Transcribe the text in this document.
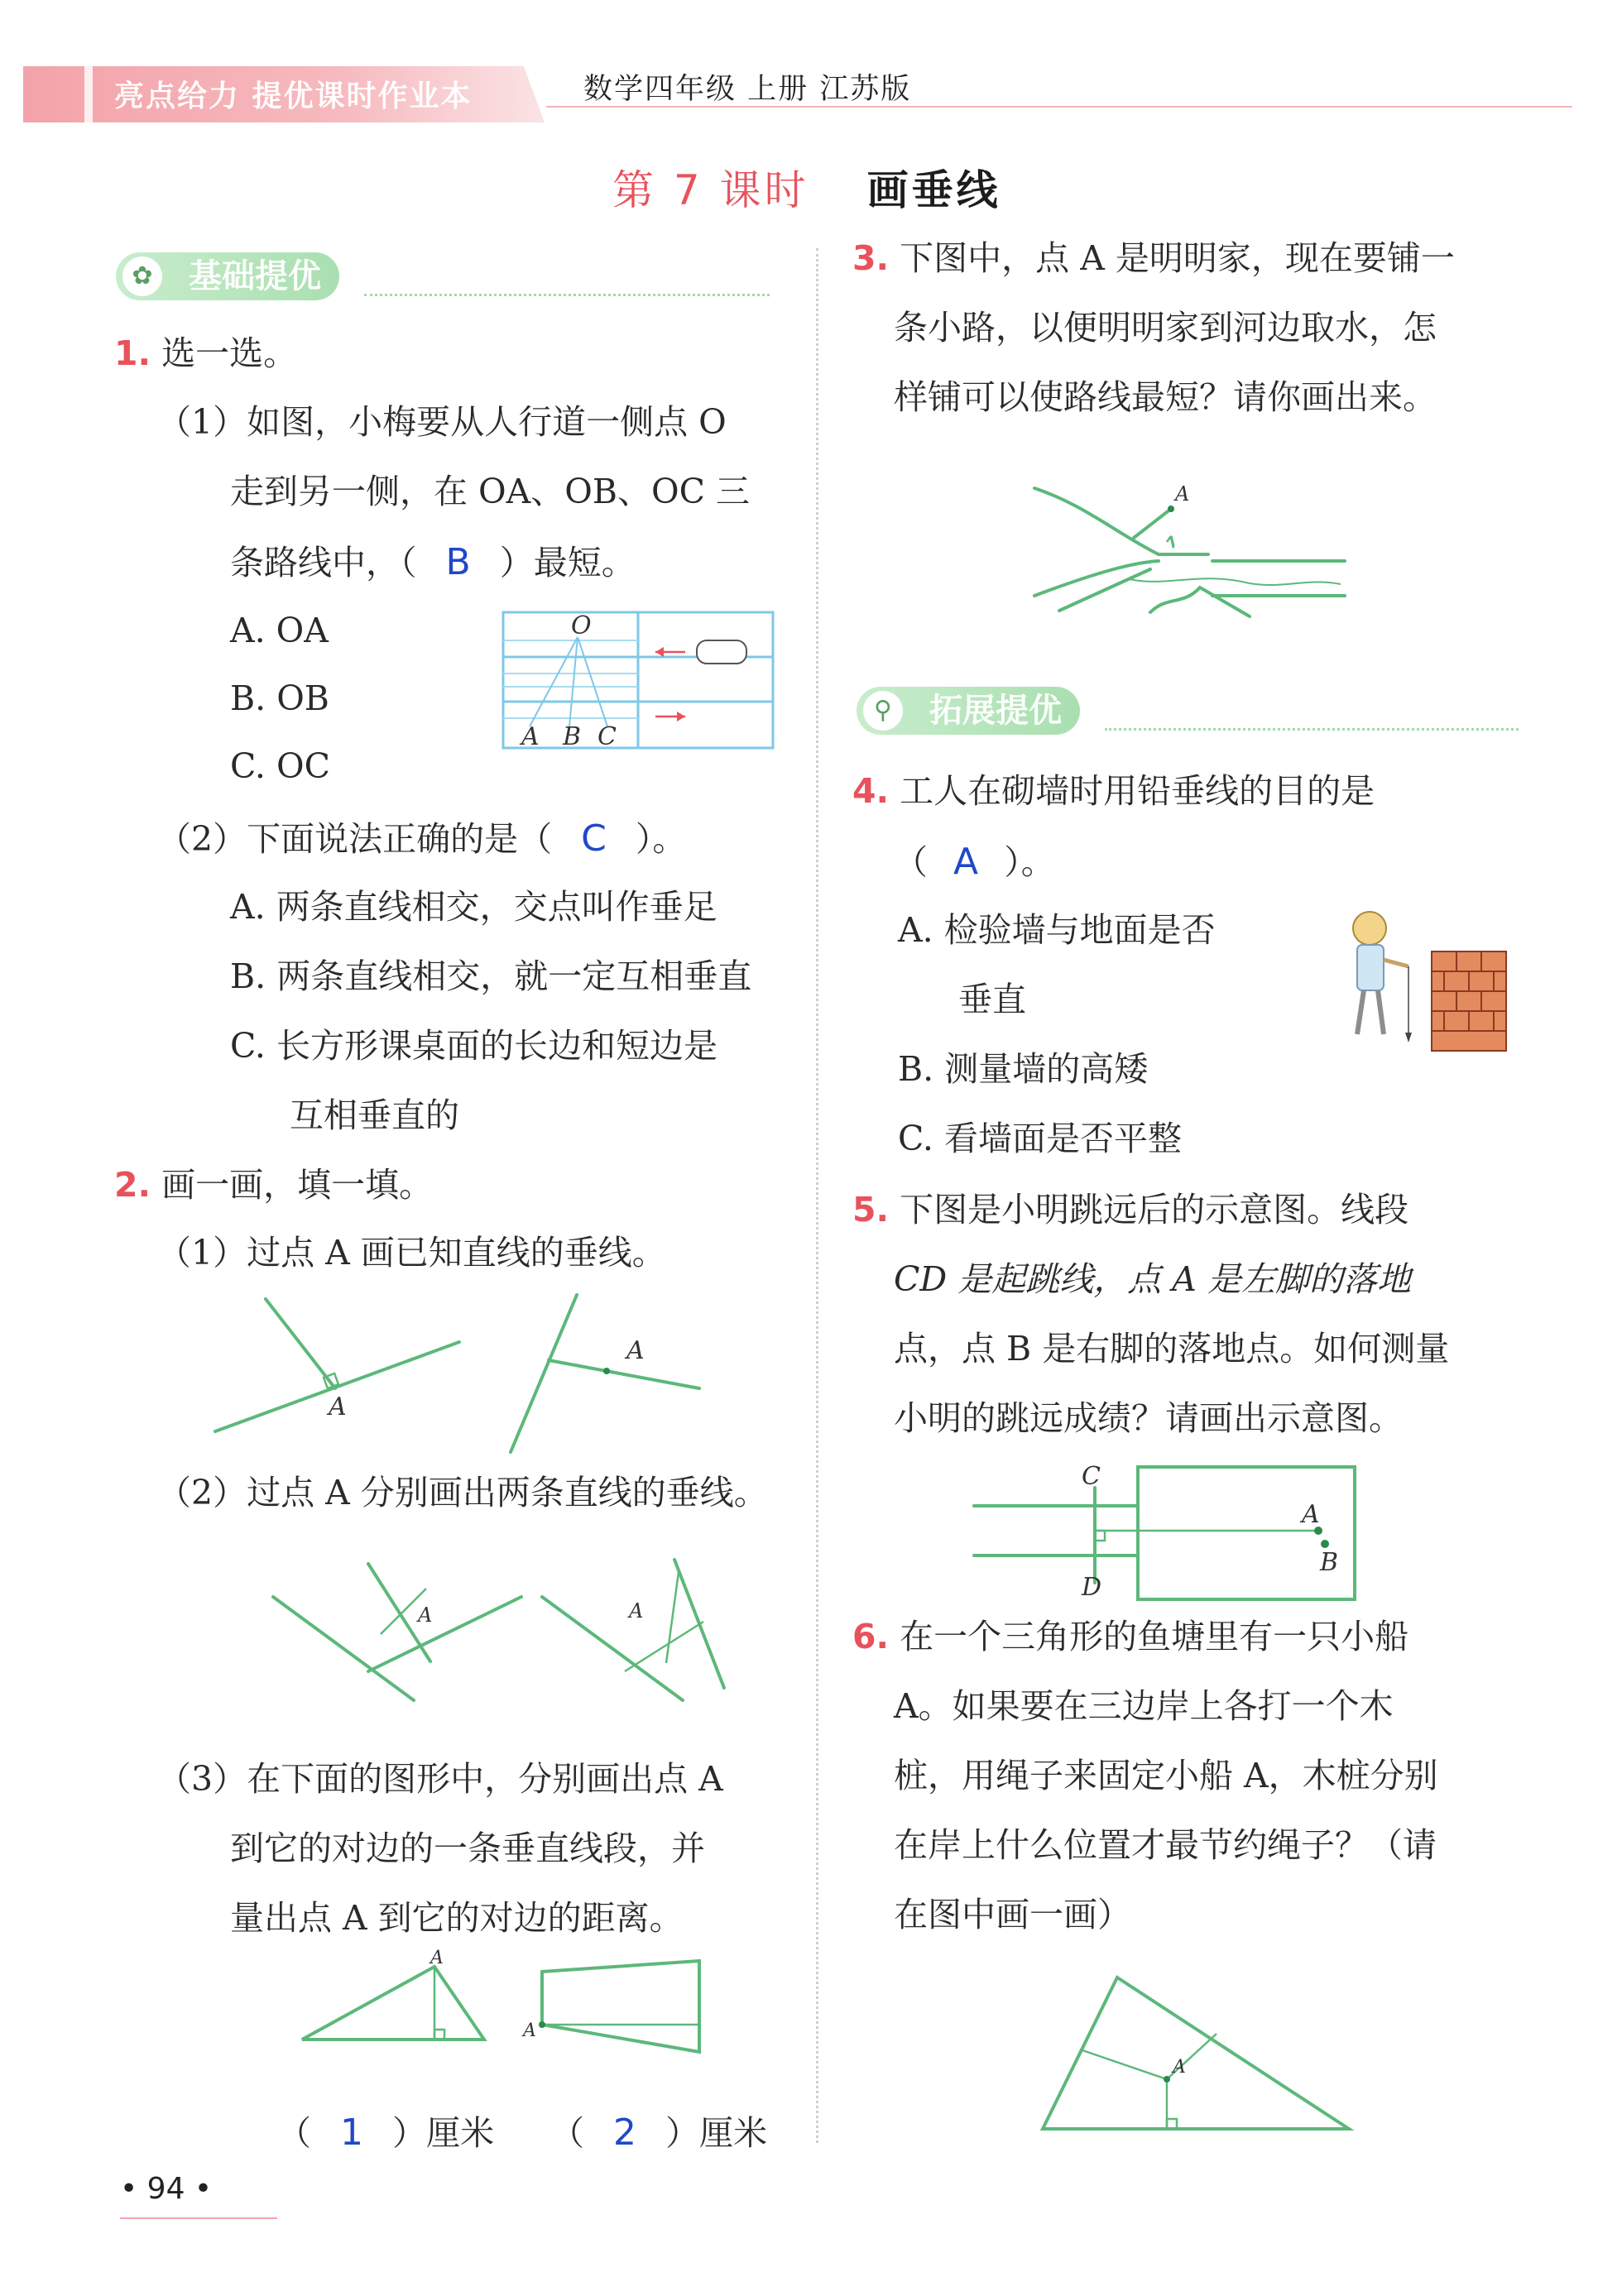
亮点给力 提优课时作业本	数学四年级 上册 江苏版
第 7 课时 画垂线
✿ 基础提优
1. 选一选。
（1）如图，小梅要从人行道一侧点 O
走到另一侧，在 OA、OB、OC 三
条路线中，（ B ）最短。
A. OA
B. OB
C. OC
O
A B C
（2）下面说法正确的是（ C ）。
A. 两条直线相交，交点叫作垂足
B. 两条直线相交，就一定互相垂直
C. 长方形课桌面的长边和短边是
互相垂直的
2. 画一画，填一填。
（1）过点 A 画已知直线的垂线。
A
A
（2）过点 A 分别画出两条直线的垂线。
A	A
（3）在下面的图形中，分别画出点 A
到它的对边的一条垂直线段，并
量出点 A 到它的对边的距离。
A
A
（ 1 ）厘米 （ 2 ）厘米
• 94 •
3. 下图中，点 A 是明明家，现在要铺一
条小路，以便明明家到河边取水，怎
样铺可以使路线最短？请你画出来。
A
⚲	拓展提优
4. 工人在砌墙时用铅垂线的目的是
（ A ）。
A. 检验墙与地面是否
垂直
B. 测量墙的高矮
C. 看墙面是否平整
5. 下图是小明跳远后的示意图。线段
CD 是起跳线，点 A 是左脚的落地
点，点 B 是右脚的落地点。如何测量
小明的跳远成绩？请画出示意图。
C
D
A
B
6. 在一个三角形的鱼塘里有一只小船
A。如果要在三边岸上各打一个木
桩，用绳子来固定小船 A，木桩分别
在岸上什么位置才最节约绳子？（请
在图中画一画）
A
